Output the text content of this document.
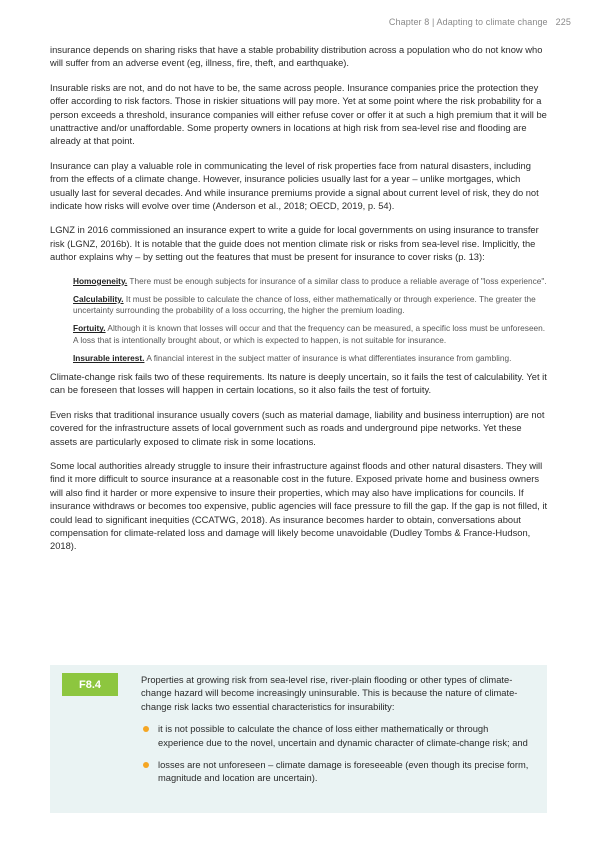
Chapter 8 | Adapting to climate change 225

insurance depends on sharing risks that have a stable probability distribution across a population who do not know who will suffer from an adverse event (eg, illness, fire, theft, and earthquake).

Insurable risks are not, and do not have to be, the same across people. Insurance companies price the protection they offer according to risk factors. Those in riskier situations will pay more. Yet at some point where the risk probability for a person exceeds a threshold, insurance companies will either refuse cover or offer it at such a high premium that it will be unattractive and/or unaffordable. Some property owners in locations at high risk from sea-level rise and flooding are already at that point.

Insurance can play a valuable role in communicating the level of risk properties face from natural disasters, including from the effects of a climate change. However, insurance policies usually last for a year – unlike mortgages, which usually last for several decades. And while insurance premiums provide a signal about current level of risk, they do not indicate how risks will evolve over time (Anderson et al., 2018; OECD, 2019, p. 54).

LGNZ in 2016 commissioned an insurance expert to write a guide for local governments on using insurance to transfer risk (LGNZ, 2016b). It is notable that the guide does not mention climate risk or risks from sea-level rise. Implicitly, the author explains why – by setting out the features that must be present for insurance to cover risks (p. 13):

Homogeneity. There must be enough subjects for insurance of a similar class to produce a reliable average of "loss experience".
Calculability. It must be possible to calculate the chance of loss, either mathematically or through experience. The greater the uncertainty surrounding the probability of a loss occurring, the higher the premium loading.
Fortuity. Although it is known that losses will occur and that the frequency can be measured, a specific loss must be unforeseen. A loss that is intentionally brought about, or which is expected to happen, is not suitable for insurance.
Insurable interest. A financial interest in the subject matter of insurance is what differentiates insurance from gambling.

Climate-change risk fails two of these requirements. Its nature is deeply uncertain, so it fails the test of calculability. Yet it can be foreseen that losses will happen in certain locations, so it also fails the test of fortuity.

Even risks that traditional insurance usually covers (such as material damage, liability and business interruption) are not covered for the infrastructure assets of local government such as roads and underground pipe networks. Yet these assets are particularly exposed to climate risk in some locations.

Some local authorities already struggle to insure their infrastructure against floods and other natural disasters. They will find it more difficult to source insurance at a reasonable cost in the future. Exposed private home and business owners will also find it harder or more expensive to insure their properties, which may also have implications for councils. If insurance withdraws or becomes too expensive, public agencies will face pressure to fill the gap. If the gap is not filled, it could lead to significant inequities (CCATWG, 2018). As insurance becomes harder to obtain, conversations about compensation for climate-related loss and damage will likely become unavoidable (Dudley Tombs & France-Hudson, 2018).

F8.4	Properties at growing risk from sea-level rise, river-plain flooding or other types of climate-change hazard will become increasingly uninsurable. This is because the nature of climate-change risk lacks two essential characteristics for insurability:

it is not possible to calculate the chance of loss either mathematically or through experience due to the novel, uncertain and dynamic character of climate-change risk; and
losses are not unforeseen – climate damage is foreseeable (even though its precise form, magnitude and location are uncertain).
